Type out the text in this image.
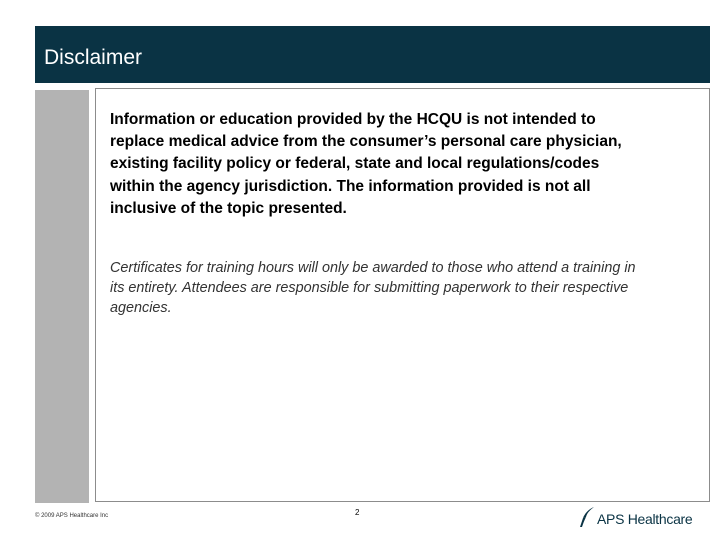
Disclaimer

Information or education provided by the HCQU is not intended to replace medical advice from the consumer’s personal care physician, existing facility policy or federal, state and local regulations/codes within the agency jurisdiction. The information provided is not all inclusive of the topic presented.

Certificates for training hours will only be awarded to those who attend a training in its entirety. Attendees are responsible for submitting paperwork to their respective agencies.

© 2009 APS Healthcare Inc	2	APS Healthcare
